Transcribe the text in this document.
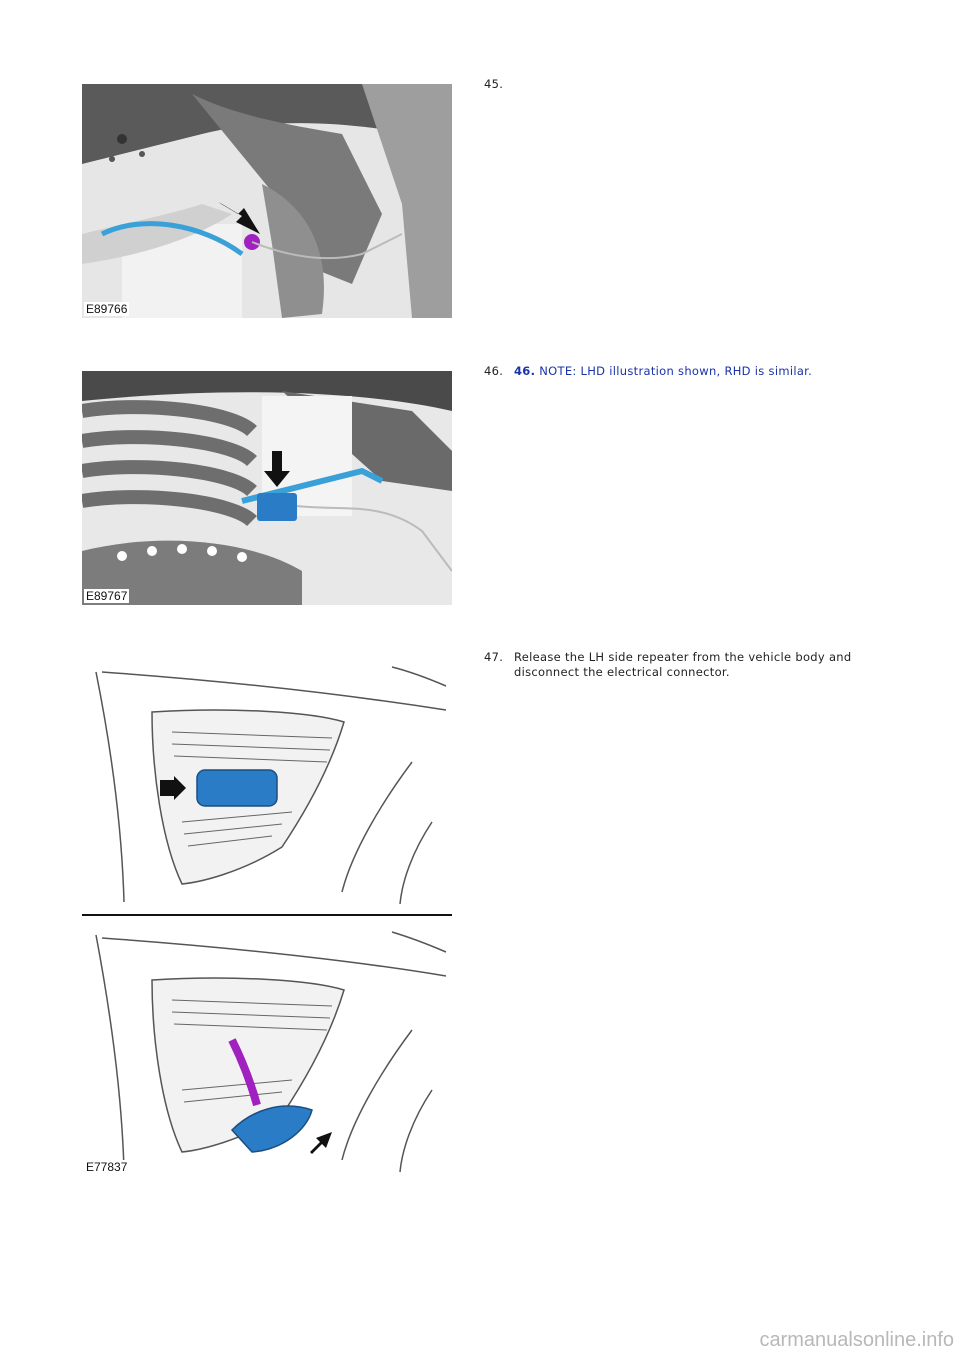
E89766
45.
E89767
46. 46. NOTE: LHD illustration shown, RHD is similar.
E77837
47. Release the LH side repeater from the vehicle body and disconnect the electrical connector.
carmanualsonline.info
